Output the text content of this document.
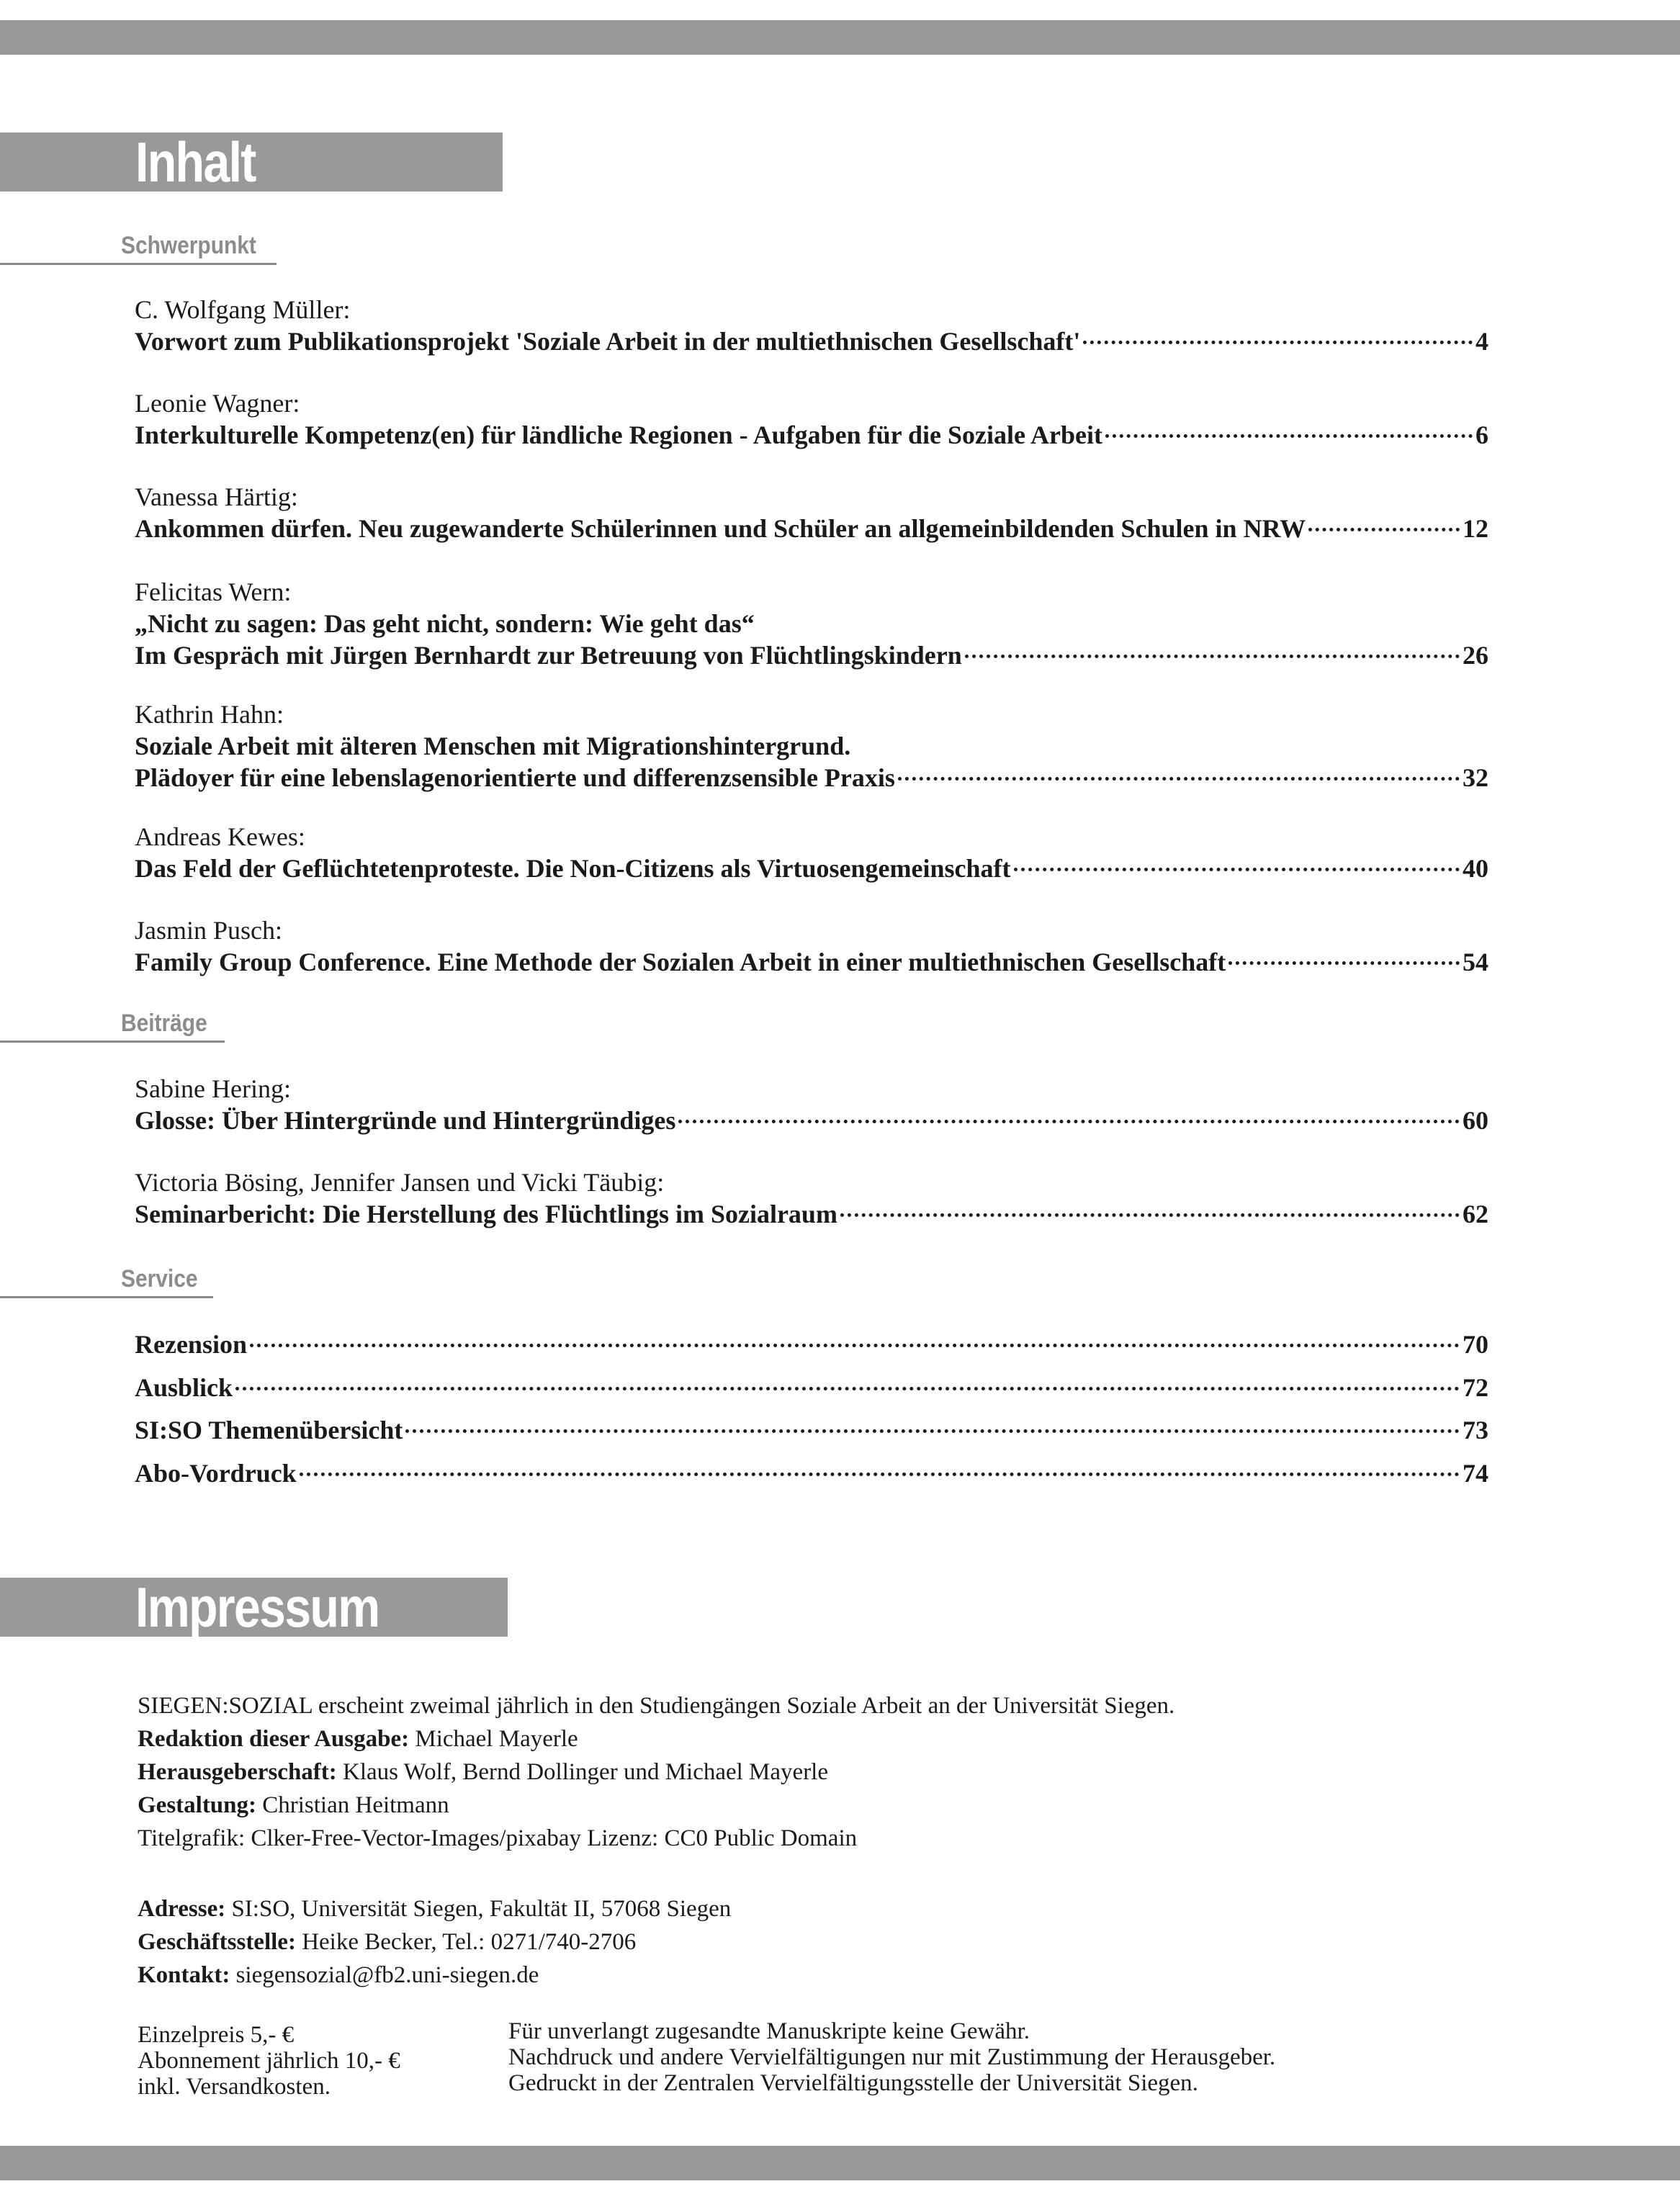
Inhalt
Schwerpunkt
C. Wolfgang Müller:
Vorwort zum Publikationsprojekt 'Soziale Arbeit in der multiethnischen Gesellschaft'	4
Leonie Wagner:
Interkulturelle Kompetenz(en) für ländliche Regionen - Aufgaben für die Soziale Arbeit	6
Vanessa Härtig:
Ankommen dürfen. Neu zugewanderte Schülerinnen und Schüler an allgemeinbildenden Schulen in NRW	12
Felicitas Wern:
„Nicht zu sagen: Das geht nicht, sondern: Wie geht das“
Im Gespräch mit Jürgen Bernhardt zur Betreuung von Flüchtlingskindern	26
Kathrin Hahn:
Soziale Arbeit mit älteren Menschen mit Migrationshintergrund.
Plädoyer für eine lebenslagenorientierte und differenzsensible Praxis	32
Andreas Kewes:
Das Feld der Geflüchtetenproteste. Die Non-Citizens als Virtuosengemeinschaft	40
Jasmin Pusch:
Family Group Conference. Eine Methode der Sozialen Arbeit in einer multiethnischen Gesellschaft	54
Beiträge
Sabine Hering:
Glosse: Über Hintergründe und Hintergründiges	60
Victoria Bösing, Jennifer Jansen und Vicki Täubig:
Seminarbericht: Die Herstellung des Flüchtlings im Sozialraum	62
Service
Rezension	70
Ausblick	72
SI:SO Themenübersicht	73
Abo-Vordruck	74
Impressum
SIEGEN:SOZIAL erscheint zweimal jährlich in den Studiengängen Soziale Arbeit an der Universität Siegen.
Redaktion dieser Ausgabe: Michael Mayerle
Herausgeberschaft: Klaus Wolf, Bernd Dollinger und Michael Mayerle
Gestaltung: Christian Heitmann
Titelgrafik: Clker-Free-Vector-Images/pixabay Lizenz: CC0 Public Domain
Adresse: SI:SO, Universität Siegen, Fakultät II, 57068 Siegen
Geschäftsstelle: Heike Becker, Tel.: 0271/740-2706
Kontakt: siegensozial@fb2.uni-siegen.de
Einzelpreis 5,- €
Abonnement jährlich 10,- €
inkl. Versandkosten.
Für unverlangt zugesandte Manuskripte keine Gewähr.
Nachdruck und andere Vervielfältigungen nur mit Zustimmung der Herausgeber.
Gedruckt in der Zentralen Vervielfältigungsstelle der Universität Siegen.
